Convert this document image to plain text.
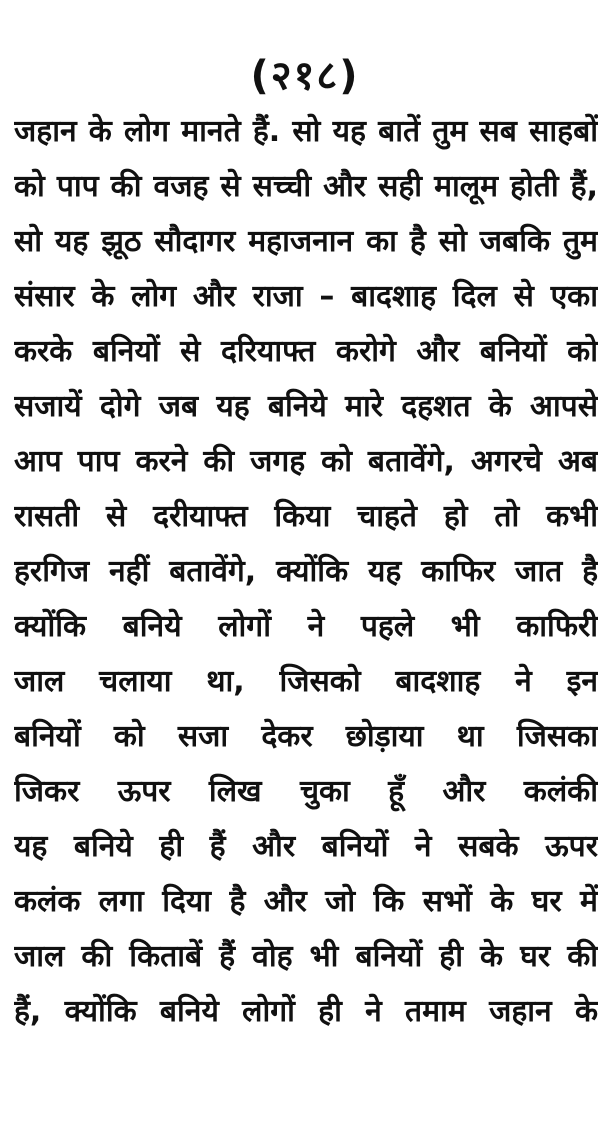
(२१८)
जहान के लोग मानते हैं. सो यह बातें तुम सब साहबों
को पाप की वजह से सच्ची और सही मालूम होती हैं,
सो यह झूठ सौदागर महाजनान का है सो जबकि तुम
संसार के लोग और राजा – बादशाह दिल से एका
करके बनियों से दरियाफ्त करोगे और बनियों को
सजायें दोगे जब यह बनिये मारे दहशत के आपसे
आप पाप करने की जगह को बतावेंगे, अगरचे अब
रासती से दरीयाफ्त किया चाहते हो तो कभी
हरगिज नहीं बतावेंगे, क्योंकि यह काफिर जात है
क्योंकि बनिये लोगों ने पहले भी काफिरी
जाल चलाया था, जिसको बादशाह ने इन
बनियों को सजा देकर छोड़ाया था जिसका
जिकर ऊपर लिख चुका हूँ और कलंकी
यह बनिये ही हैं और बनियों ने सबके ऊपर
कलंक लगा दिया है और जो कि सभों के घर में
जाल की किताबें हैं वोह भी बनियों ही के घर की
हैं, क्योंकि बनिये लोगों ही ने तमाम जहान के
